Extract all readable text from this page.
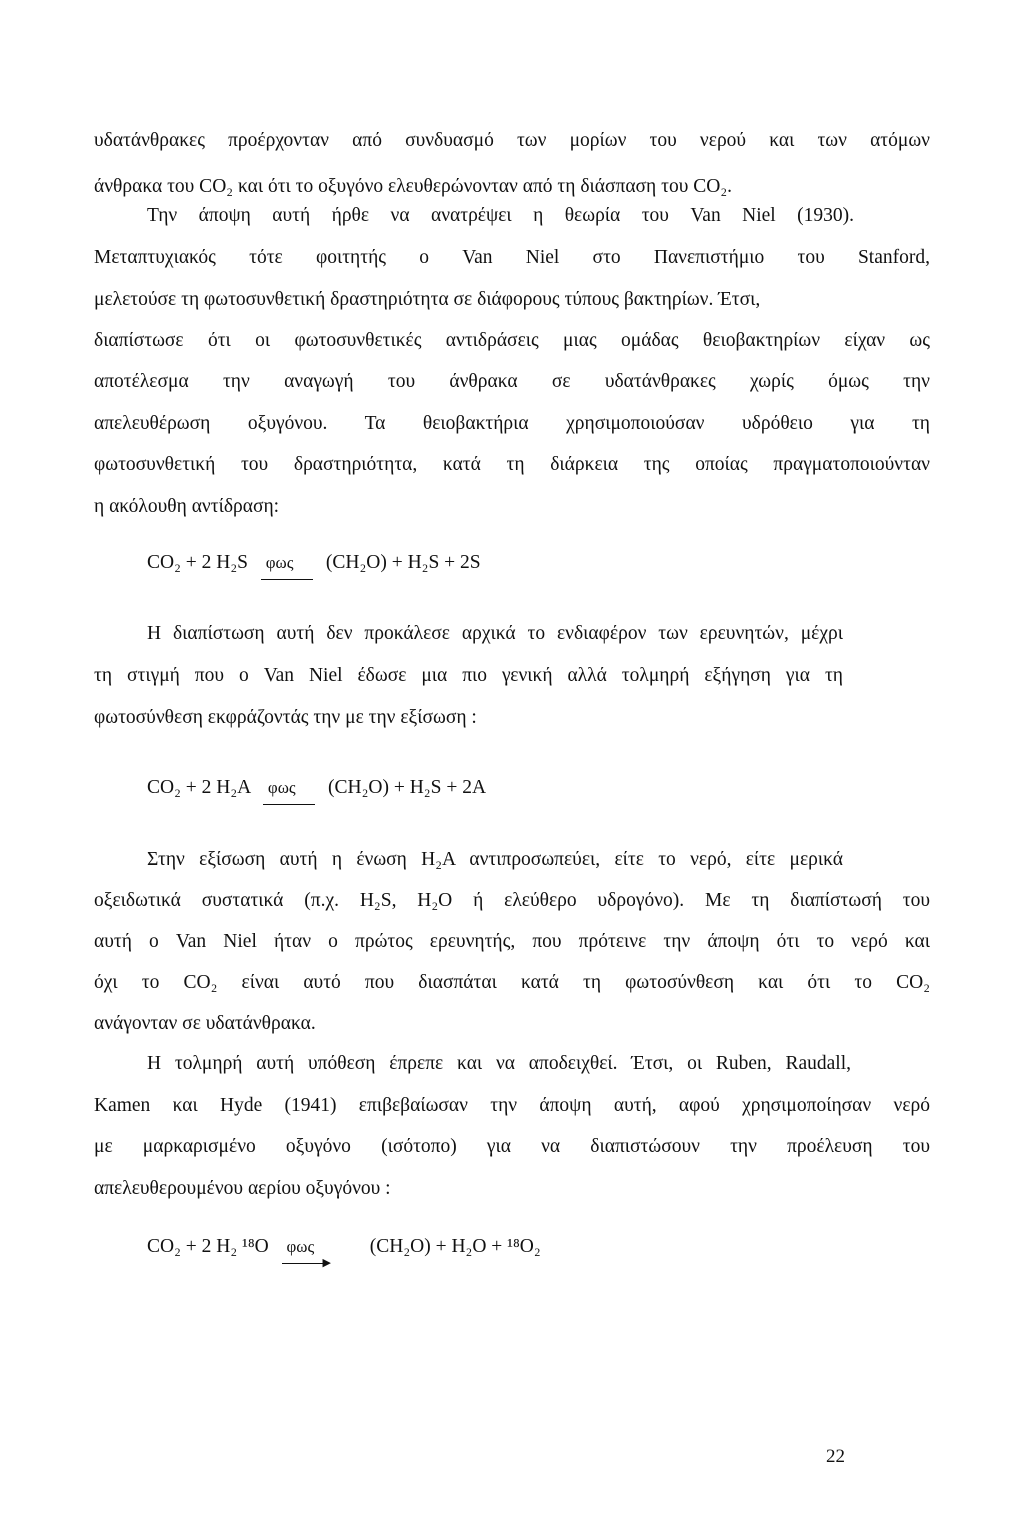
υδατάνθρακες προέρχονταν από συνδυασμό των μορίων του νερού και των ατόμων
άνθρακα του CO₂ και ότι το οξυγόνο ελευθερώνονταν από τη διάσπαση του CO₂.
Την άποψη αυτή ήρθε να ανατρέψει η θεωρία του Van Niel (1930).
Μεταπτυχιακός τότε φοιτητής ο Van Niel στο Πανεπιστήμιο του Stanford,
μελετούσε τη φωτοσυνθετική δραστηριότητα σε διάφορους τύπους βακτηρίων. Έτσι,
διαπίστωσε ότι οι φωτοσυνθετικές αντιδράσεις μιας ομάδας θειοβακτηρίων είχαν ως
αποτέλεσμα την αναγωγή του άνθρακα σε υδατάνθρακες χωρίς όμως την
απελευθέρωση οξυγόνου. Τα θειοβακτήρια χρησιμοποιούσαν υδρόθειο για τη
φωτοσυνθετική του δραστηριότητα, κατά τη διάρκεια της οποίας πραγματοποιούνταν
η ακόλουθη αντίδραση:
CO₂ + 2 H₂S φως (CH₂O) + H₂S + 2S
Η διαπίστωση αυτή δεν προκάλεσε αρχικά το ενδιαφέρον των ερευνητών, μέχρι
τη στιγμή που ο Van Niel έδωσε μια πιο γενική αλλά τολμηρή εξήγηση για τη
φωτοσύνθεση εκφράζοντάς την με την εξίσωση :
CO₂ + 2 H₂A φως (CH₂O) + H₂S + 2A
Στην εξίσωση αυτή η ένωση H₂A αντιπροσωπεύει, είτε το νερό, είτε μερικά
οξειδωτικά συστατικά (π.χ. H₂S, H₂O ή ελεύθερο υδρογόνο). Με τη διαπίστωσή του
αυτή ο Van Niel ήταν ο πρώτος ερευνητής, που πρότεινε την άποψη ότι το νερό και
όχι το CO₂ είναι αυτό που διασπάται κατά τη φωτοσύνθεση και ότι το CO₂
ανάγονταν σε υδατάνθρακα.
Η τολμηρή αυτή υπόθεση έπρεπε και να αποδειχθεί. Έτσι, οι Ruben, Raudall,
Kamen και Hyde (1941) επιβεβαίωσαν την άποψη αυτή, αφού χρησιμοποίησαν νερό
με μαρκαρισμένο οξυγόνο (ισότοπο) για να διαπιστώσουν την προέλευση του
απελευθερουμένου αερίου οξυγόνου :
CO₂ + 2 H₂ ¹⁸O φως
▶
(CH₂O) + H₂O + ¹⁸O₂
22
